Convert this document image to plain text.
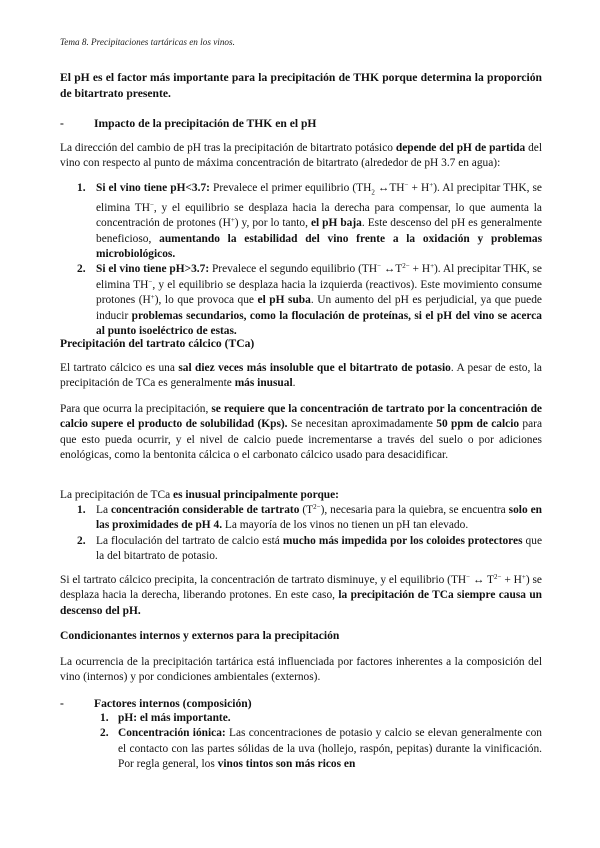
Tema 8. Precipitaciones tartáricas en los vinos.

El pH es el factor más importante para la precipitación de THK porque determina la proporción de bitartrato presente.

-	Impacto de la precipitación de THK en el pH

La dirección del cambio de pH tras la precipitación de bitartrato potásico depende del pH de partida del vino con respecto al punto de máxima concentración de bitartrato (alrededor de pH 3.7 en agua):

1. Si el vino tiene pH<3.7: Prevalece el primer equilibrio ($TH_2$ ↔TH− + H+). Al precipitar THK, se elimina TH−, y el equilibrio se desplaza hacia la derecha para compensar, lo que aumenta la concentración de protones (H+) y, por lo tanto, el pH baja. Este descenso del pH es generalmente beneficioso, aumentando la estabilidad del vino frente a la oxidación y problemas microbiológicos.
2. Si el vino tiene pH>3.7: Prevalece el segundo equilibrio (TH− $\leftrightarrow T^{2-} + H^+$). Al precipitar THK, se elimina TH−, y el equilibrio se desplaza hacia la izquierda (reactivos). Este movimiento consume protones (H+), lo que provoca que el pH suba. Un aumento del pH es perjudicial, ya que puede inducir problemas secundarios, como la floculación de proteínas, si el pH del vino se acerca al punto isoeléctrico de estas.

Precipitación del tartrato cálcico (TCa)

El tartrato cálcico es una sal diez veces más insoluble que el bitartrato de potasio. A pesar de esto, la precipitación de TCa es generalmente más inusual.

Para que ocurra la precipitación, se requiere que la concentración de tartrato por la concentración de calcio supere el producto de solubilidad (Kps). Se necesitan aproximadamente 50 ppm de calcio para que esto pueda ocurrir, y el nivel de calcio puede incrementarse a través del suelo o por adiciones enológicas, como la bentonita cálcica o el carbonato cálcico usado para desacidificar.

La precipitación de TCa es inusual principalmente porque:

1. La concentración considerable de tartrato $(T^{2-})$, necesaria para la quiebra, se encuentra solo en las proximidades de pH 4. La mayoría de los vinos no tienen un pH tan elevado.
2. La floculación del tartrato de calcio está mucho más impedida por los coloides protectores que la del bitartrato de potasio.

Si el tartrato cálcico precipita, la concentración de tartrato disminuye, y el equilibrio (TH− ↔ $T^{2-} + H^+$) se desplaza hacia la derecha, liberando protones. En este caso, la precipitación de TCa siempre causa un descenso del pH.

Condicionantes internos y externos para la precipitación

La ocurrencia de la precipitación tartárica está influenciada por factores inherentes a la composición del vino (internos) y por condiciones ambientales (externos).

-	Factores internos (composición)
1. pH: el más importante.
2. Concentración iónica: Las concentraciones de potasio y calcio se elevan generalmente con el contacto con las partes sólidas de la uva (hollejo, raspón, pepitas) durante la vinificación. Por regla general, los vinos tintos son más ricos en
